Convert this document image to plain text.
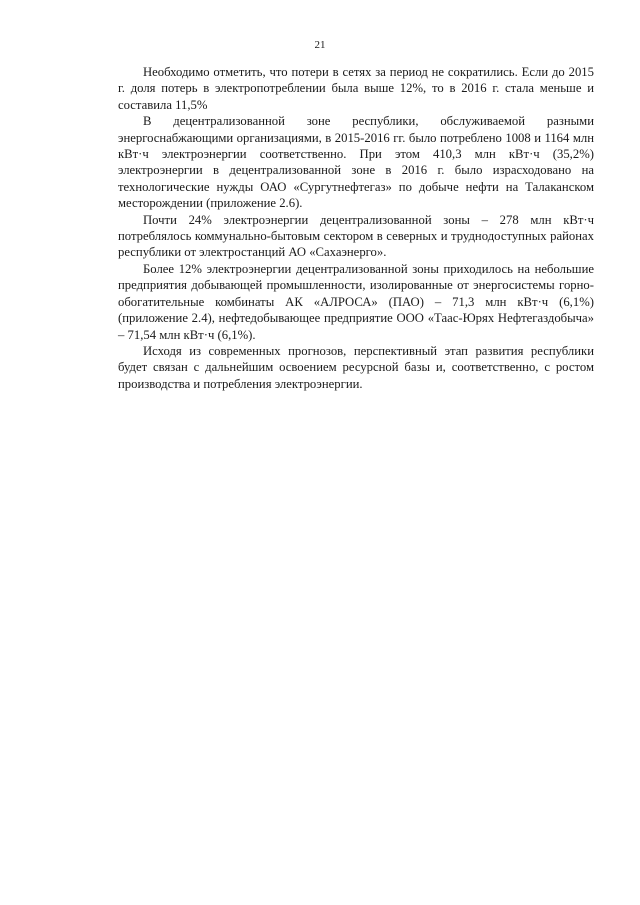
21

Необходимо отметить, что потери в сетях за период не сократились. Если до 2015 г. доля потерь в электропотреблении была выше 12%, то в 2016 г. стала меньше и составила 11,5%

В децентрализованной зоне республики, обслуживаемой разными энергоснабжающими организациями, в 2015-2016 гг. было потреблено 1008 и 1164 млн кВт·ч электроэнергии соответственно. При этом 410,3 млн кВт·ч (35,2%) электроэнергии в децентрализованной зоне в 2016 г. было израсходовано на технологические нужды ОАО «Сургутнефтегаз» по добыче нефти на Талаканском месторождении (приложение 2.6).

Почти 24% электроэнергии децентрализованной зоны – 278 млн кВт·ч потреблялось коммунально-бытовым сектором в северных и труднодоступных районах республики от электростанций АО «Сахаэнерго».

Более 12% электроэнергии децентрализованной зоны приходилось на небольшие предприятия добывающей промышленности, изолированные от энергосистемы горно-обогатительные комбинаты АК «АЛРОСА» (ПАО) – 71,3 млн кВт·ч (6,1%) (приложение 2.4), нефтедобывающее предприятие ООО «Таас-Юрях Нефтегаздобыча» – 71,54 млн кВт·ч (6,1%).

Исходя из современных прогнозов, перспективный этап развития республики будет связан с дальнейшим освоением ресурсной базы и, соответственно, с ростом производства и потребления электроэнергии.
